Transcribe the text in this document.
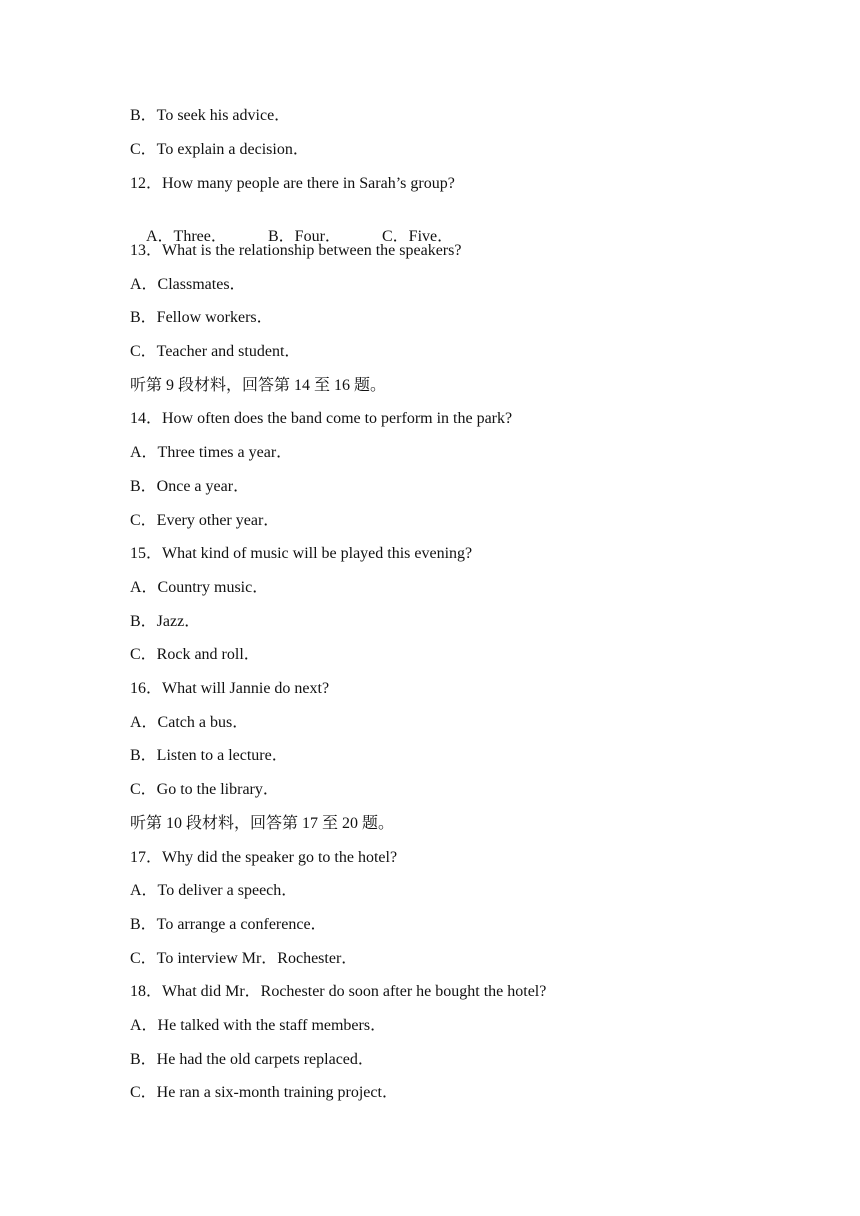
B．To seek his advice．
C．To explain a decision．
12．How many people are there in Sarah’s group?

A．Three．	B．Four．	C．Five．

13．What is the relationship between the speakers?
A．Classmates．
B．Fellow workers．
C．Teacher and student．
听第 9 段材料，回答第 14 至 16 题。
14．How often does the band come to perform in the park?
A．Three times a year．
B．Once a year．
C．Every other year．
15．What kind of music will be played this evening?
A．Country music．
B．Jazz．
C．Rock and roll．
16．What will Jannie do next?
A．Catch a bus．
B．Listen to a lecture．
C．Go to the library．
听第 10 段材料，回答第 17 至 20 题。
17．Why did the speaker go to the hotel?
A．To deliver a speech．
B．To arrange a conference．
C．To interview Mr．Rochester．
18．What did Mr．Rochester do soon after he bought the hotel?
A．He talked with the staff members．
B．He had the old carpets replaced．
C．He ran a six-month training project．
